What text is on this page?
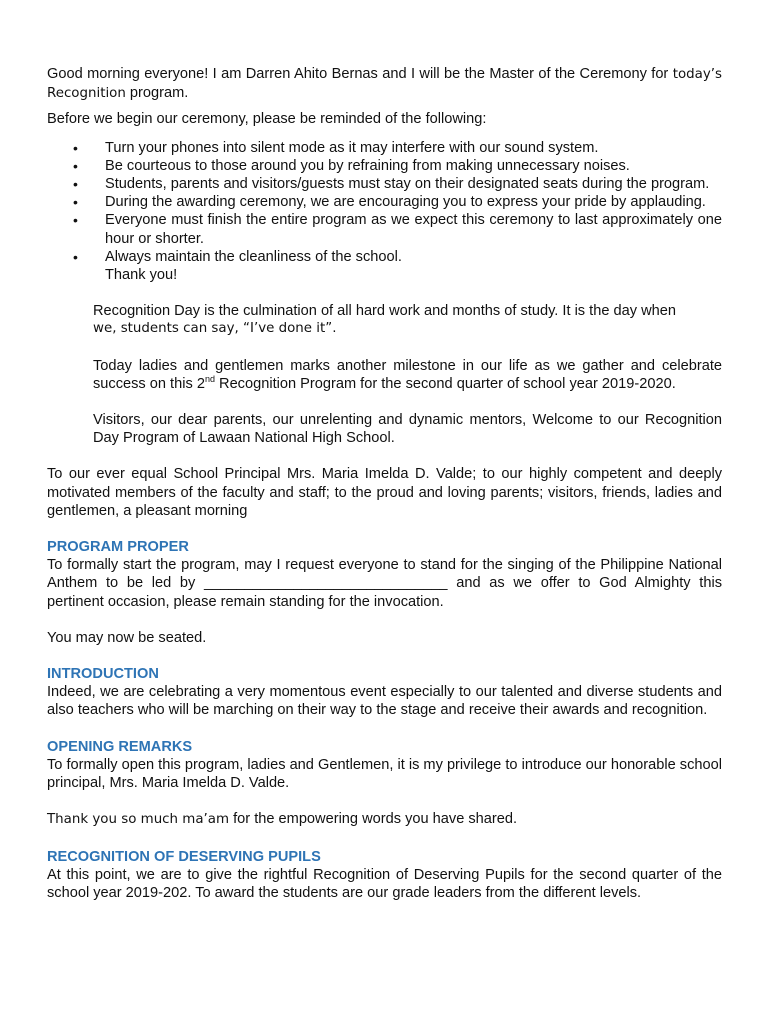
Good morning everyone! I am Darren Ahito Bernas and I will be the Master of the Ceremony for today’s Recognition program.

Before we begin our ceremony, please be reminded of the following:

• Turn your phones into silent mode as it may interfere with our sound system.
• Be courteous to those around you by refraining from making unnecessary noises.
• Students, parents and visitors/guests must stay on their designated seats during the program.
• During the awarding ceremony, we are encouraging you to express your pride by applauding.
• Everyone must finish the entire program as we expect this ceremony to last approximately one hour or shorter.
• Always maintain the cleanliness of the school.

Thank you!

Recognition Day is the culmination of all hard work and months of study. It is the day when

we, students can say, “I’ve done it”.

Today ladies and gentlemen marks another milestone in our life as we gather and celebrate success on this 2nd Recognition Program for the second quarter of school year 2019-2020.

Visitors, our dear parents, our unrelenting and dynamic mentors, Welcome to our Recognition Day Program of Lawaan National High School.

To our ever equal School Principal Mrs. Maria Imelda D. Valde; to our highly competent and deeply motivated members of the faculty and staff; to the proud and loving parents; visitors, friends, ladies and gentlemen, a pleasant morning

PROGRAM PROPER

To formally start the program, may I request everyone to stand for the singing of the Philippine National Anthem to be led by ______________________________ and as we offer to God Almighty this pertinent occasion, please remain standing for the invocation.

You may now be seated.

INTRODUCTION

Indeed, we are celebrating a very momentous event especially to our talented and diverse students and also teachers who will be marching on their way to the stage and receive their awards and recognition.

OPENING REMARKS

To formally open this program, ladies and Gentlemen, it is my privilege to introduce our honorable school principal, Mrs. Maria Imelda D. Valde.

Thank you so much ma’am for the empowering words you have shared.

RECOGNITION OF DESERVING PUPILS

At this point, we are to give the rightful Recognition of Deserving Pupils for the second quarter of the school year 2019-202. To award the students are our grade leaders from the different levels.
